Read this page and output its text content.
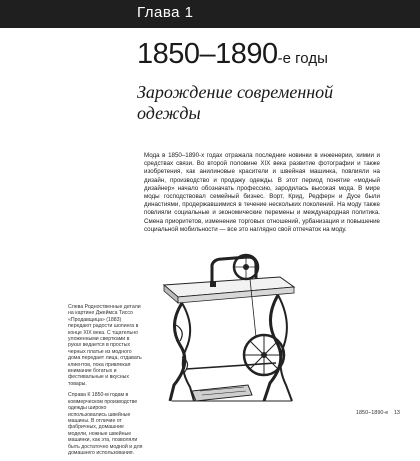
Глава 1
1850–1890-е годы
Зарождение современной одежды
Мода в 1850–1890-х годах отражала последние новинки в инженерии, химии и средствах связи. Во второй половине XIX века развитие фотографии и также изобретения, как анилиновые красители и швейная машинка, повлияли на дизайн, производство и продажу одежды. В этот период понятие «модный дизайнер» начало обозначать профессию, зародилась высокая мода. В мире моды господствовал семейный бизнес. Ворт, Крид, Редферн и Дусе были династиями, продержавшимися в течение нескольких поколений. На моду также повлияли социальные и экономические перемены и международная политика. Смена приоритетов, изменение торговых отношений, урбанизация и повышение социальной мобильности — все это наглядно свой отпечаток на моду.

Слева Родноственные детали на картине Джеймса Тиссо «Продавщица» (1883) передают радости шопинга в конце XIX века. С тщательно уложенными свертками в руках ведается в простых черных платье из модного дома передает лица, отдавать клиентов, пока привлекая внимание богатых и фестивальные и вкусных товары.

Справа К 1850-м годам в коммерческом производстве одежды широко использовались швейные машины. В отличие от фабричных, домашние модели, ножные швейные машинки, как эта, позволяли быть достаточно модной и для домашнего использования.

1850–1890-е 13
